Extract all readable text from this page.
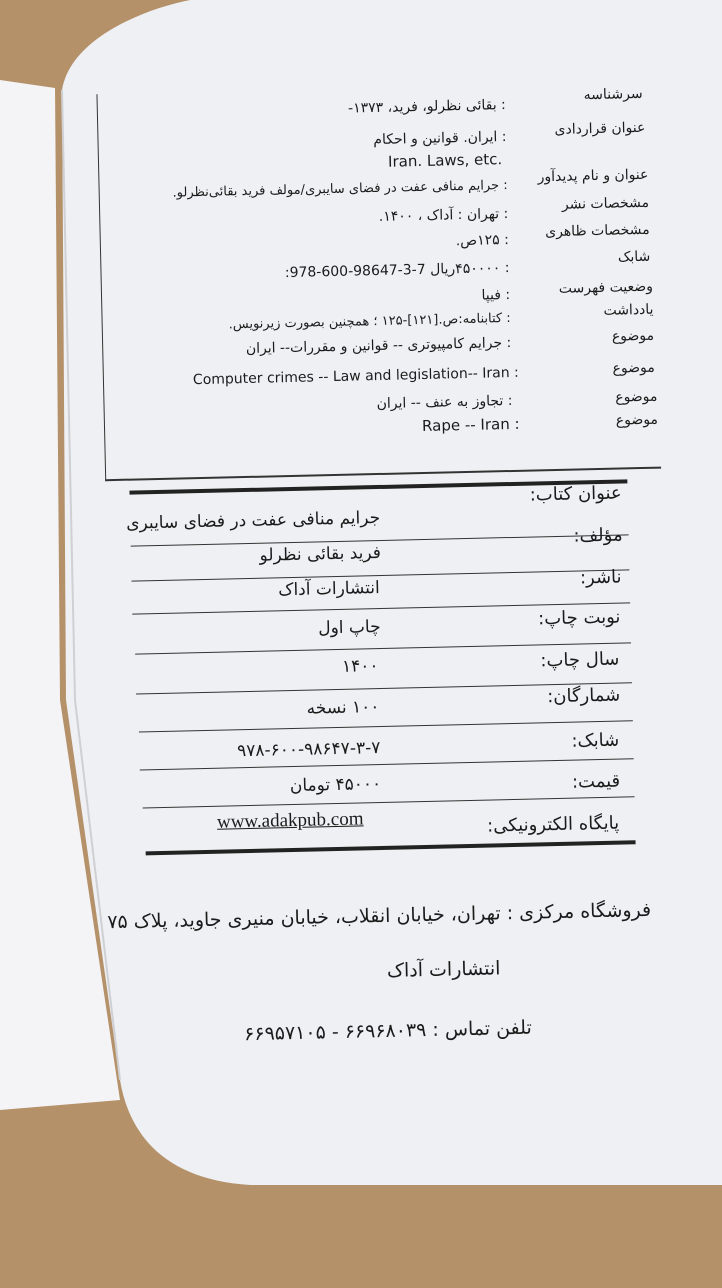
سرشناسه
: بقائی نظرلو، فرید، ۱۳۷۳-
عنوان قراردادی
: ایران. قوانین و احکام
Iran. Laws, etc.
عنوان و نام پدیدآور
: جرایم منافی عفت در فضای سایبری/مولف فرید بقائی‌نظرلو.
مشخصات نشر
: تهران : آداک ، ۱۴۰۰.
مشخصات ظاهری
: ۱۲۵ص.
شابک
: ۴۵۰۰۰۰ریال 7-3-98647-600-978:
وضعیت فهرست
: فیپا
یادداشت
: کتابنامه:ص.[۱۲۱]-۱۲۵ ؛ همچنین بصورت زیرنویس.
موضوع
: جرایم کامپیوتری -- قوانین و مقررات-- ایران
موضوع
Computer crimes -- Law and legislation-- Iran :
موضوع
: تجاوز به عنف -- ایران
موضوع
Rape -- Iran :
عنوان کتاب:
جرایم منافی عفت در فضای سایبری
مؤلف:
فرید بقائی نظرلو
ناشر:
انتشارات آداک
نوبت چاپ:
چاپ اول
سال چاپ:
۱۴۰۰
شمارگان:
۱۰۰ نسخه
شابک:
۹۷۸-۶۰۰-۹۸۶۴۷-۳-۷
قیمت:
۴۵۰۰۰ تومان
پایگاه الکترونیکی:
www.adakpub.com
فروشگاه مرکزی : تهران، خیابان انقلاب، خیابان منیری جاوید، پلاک ۷۵
انتشارات آداک
تلفن تماس : ۶۶۹۶۸۰۳۹ - ۶۶۹۵۷۱۰۵
